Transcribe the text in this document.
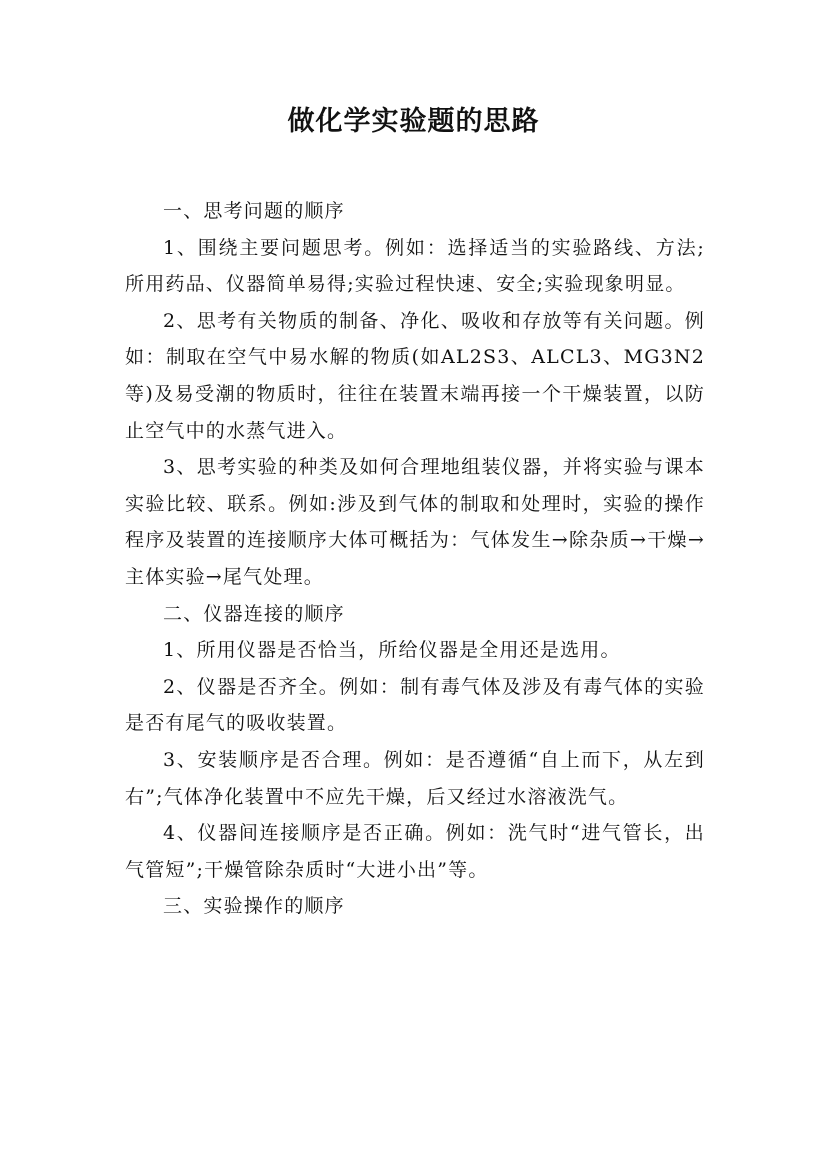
做化学实验题的思路

一、思考问题的顺序

1、围绕主要问题思考。例如：选择适当的实验路线、方法;所用药品、仪器简单易得;实验过程快速、安全;实验现象明显。

2、思考有关物质的制备、净化、吸收和存放等有关问题。例如：制取在空气中易水解的物质(如AL2S3、ALCL3、MG3N2等)及易受潮的物质时，往往在装置末端再接一个干燥装置，以防止空气中的水蒸气进入。

3、思考实验的种类及如何合理地组装仪器，并将实验与课本实验比较、联系。例如:涉及到气体的制取和处理时，实验的操作程序及装置的连接顺序大体可概括为：气体发生→除杂质→干燥→主体实验→尾气处理。

二、仪器连接的顺序

1、所用仪器是否恰当，所给仪器是全用还是选用。

2、仪器是否齐全。例如：制有毒气体及涉及有毒气体的实验是否有尾气的吸收装置。

3、安装顺序是否合理。例如：是否遵循“自上而下，从左到右”;气体净化装置中不应先干燥，后又经过水溶液洗气。

4、仪器间连接顺序是否正确。例如：洗气时“进气管长，出气管短”;干燥管除杂质时“大进小出”等。

三、实验操作的顺序
